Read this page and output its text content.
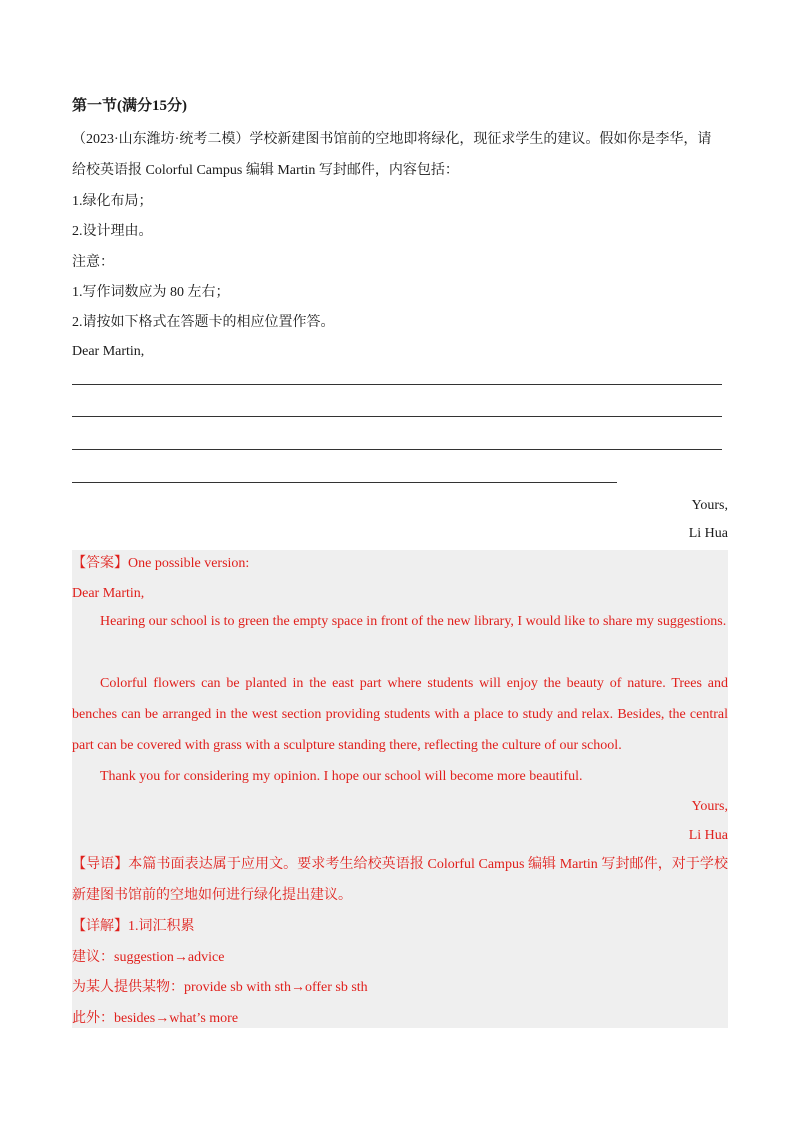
第一节(满分15分)
（2023·山东潍坊·统考二模）学校新建图书馆前的空地即将绿化，现征求学生的建议。假如你是李华，请
给校英语报 Colorful Campus 编辑 Martin 写封邮件，内容包括：
1.绿化布局；
2.设计理由。
注意：
1.写作词数应为 80 左右；
2.请按如下格式在答题卡的相应位置作答。
Dear Martin,
Yours,
Li Hua
【答案】One possible version:
Dear Martin,
Hearing our school is to green the empty space in front of the new library, I would like to share my suggestions.
Colorful flowers can be planted in the east part where students will enjoy the beauty of nature. Trees and benches can be arranged in the west section providing students with a place to study and relax. Besides, the central part can be covered with grass with a sculpture standing there, reflecting the culture of our school.
Thank you for considering my opinion. I hope our school will become more beautiful.
Yours,
Li Hua
【导语】本篇书面表达属于应用文。要求考生给校英语报 Colorful Campus 编辑 Martin 写封邮件，对于学校新建图书馆前的空地如何进行绿化提出建议。
【详解】1.词汇积累
建议：suggestion→advice
为某人提供某物：provide sb with sth→offer sb sth
此外：besides→what’s more
